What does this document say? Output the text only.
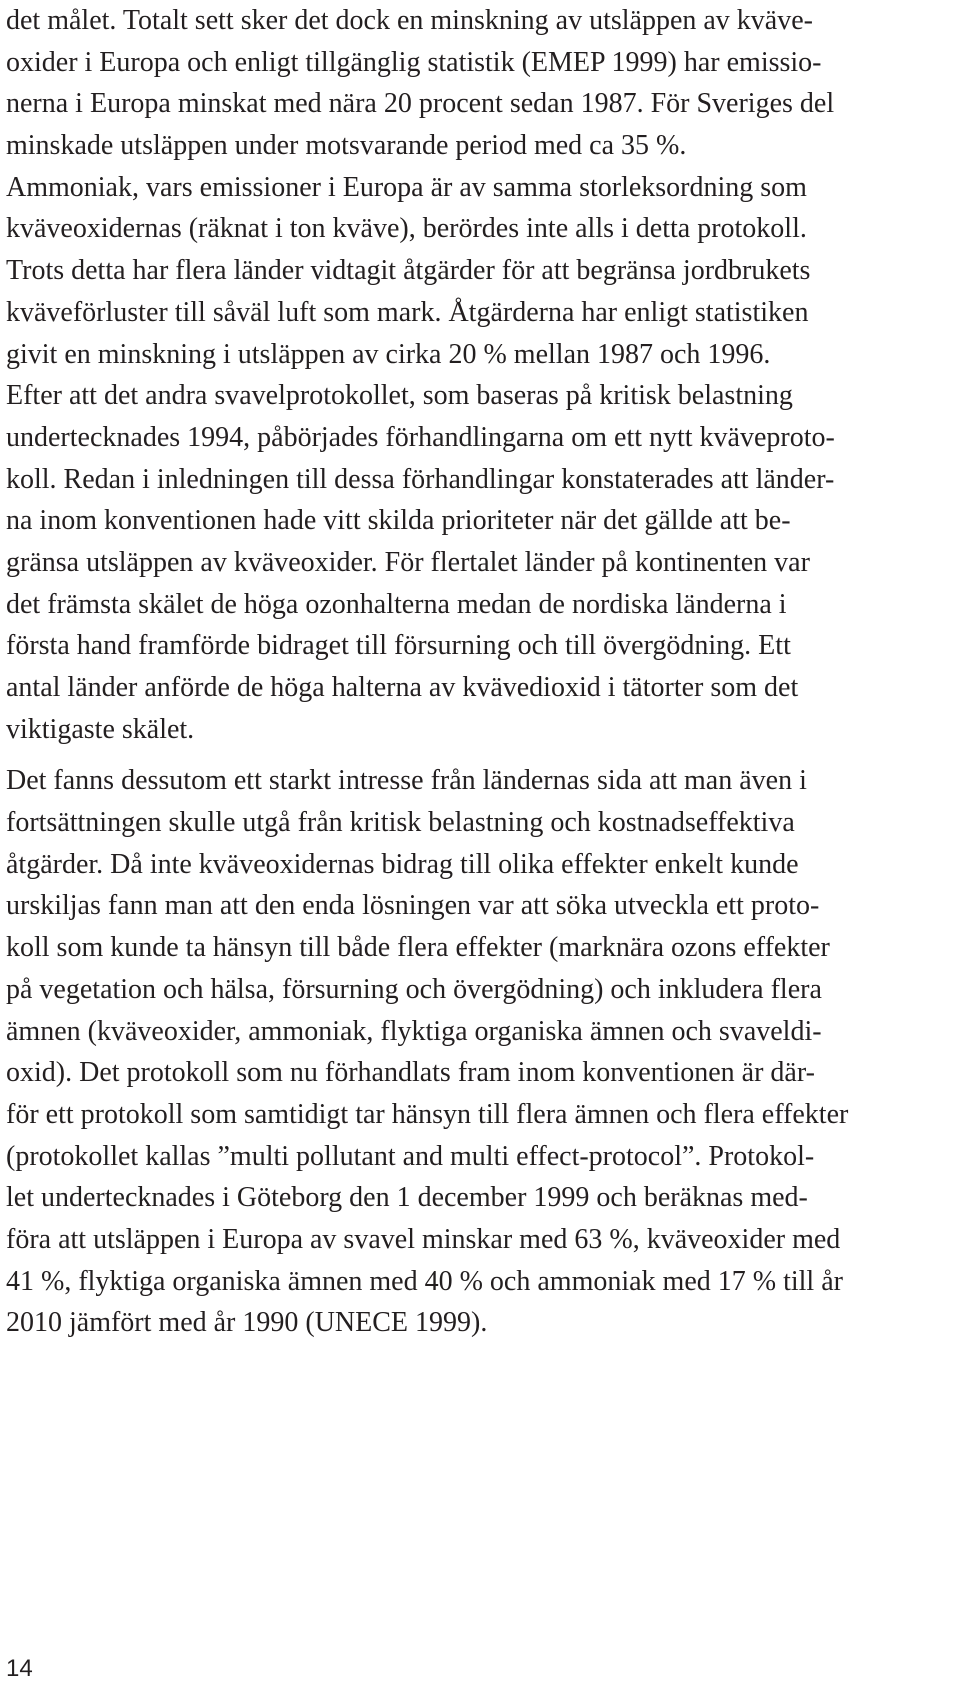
det målet. Totalt sett sker det dock en minskning av utsläppen av kväve-
oxider i Europa och enligt tillgänglig statistik (EMEP 1999) har emissio-
nerna i Europa minskat med nära 20 procent sedan 1987. För Sveriges del
minskade utsläppen under motsvarande period med ca 35 %.
Ammoniak, vars emissioner i Europa är av samma storleksordning som
kväveoxidernas (räknat i ton kväve), berördes inte alls i detta protokoll.
Trots detta har flera länder vidtagit åtgärder för att begränsa jordbrukets
kväveförluster till såväl luft som mark. Åtgärderna har enligt statistiken
givit en minskning i utsläppen av cirka 20 % mellan 1987 och 1996.
Efter att det andra svavelprotokollet, som baseras på kritisk belastning
undertecknades 1994, påbörjades förhandlingarna om ett nytt kväveproto-
koll. Redan i inledningen till dessa förhandlingar konstaterades att länder-
na inom konventionen hade vitt skilda prioriteter när det gällde att be-
gränsa utsläppen av kväveoxider. För flertalet länder på kontinenten var
det främsta skälet de höga ozonhalterna medan de nordiska länderna i
första hand framförde bidraget till försurning och till övergödning. Ett
antal länder anförde de höga halterna av kvävedioxid i tätorter som det
viktigaste skälet.
Det fanns dessutom ett starkt intresse från ländernas sida att man även i
fortsättningen skulle utgå från kritisk belastning och kostnadseffektiva
åtgärder. Då inte kväveoxidernas bidrag till olika effekter enkelt kunde
urskiljas fann man att den enda lösningen var att söka utveckla ett proto-
koll som kunde ta hänsyn till både flera effekter (marknära ozons effekter
på vegetation och hälsa, försurning och övergödning) och inkludera flera
ämnen (kväveoxider, ammoniak, flyktiga organiska ämnen och svaveldi-
oxid). Det protokoll som nu förhandlats fram inom konventionen är där-
för ett protokoll som samtidigt tar hänsyn till flera ämnen och flera effekter
(protokollet kallas ”multi pollutant and multi effect-protocol”. Protokol-
let undertecknades i Göteborg den 1 december 1999 och beräknas med-
föra att utsläppen i Europa av svavel minskar med 63 %, kväveoxider med
41 %, flyktiga organiska ämnen med 40 % och ammoniak med 17 % till år
2010 jämfört med år 1990 (UNECE 1999).
14
